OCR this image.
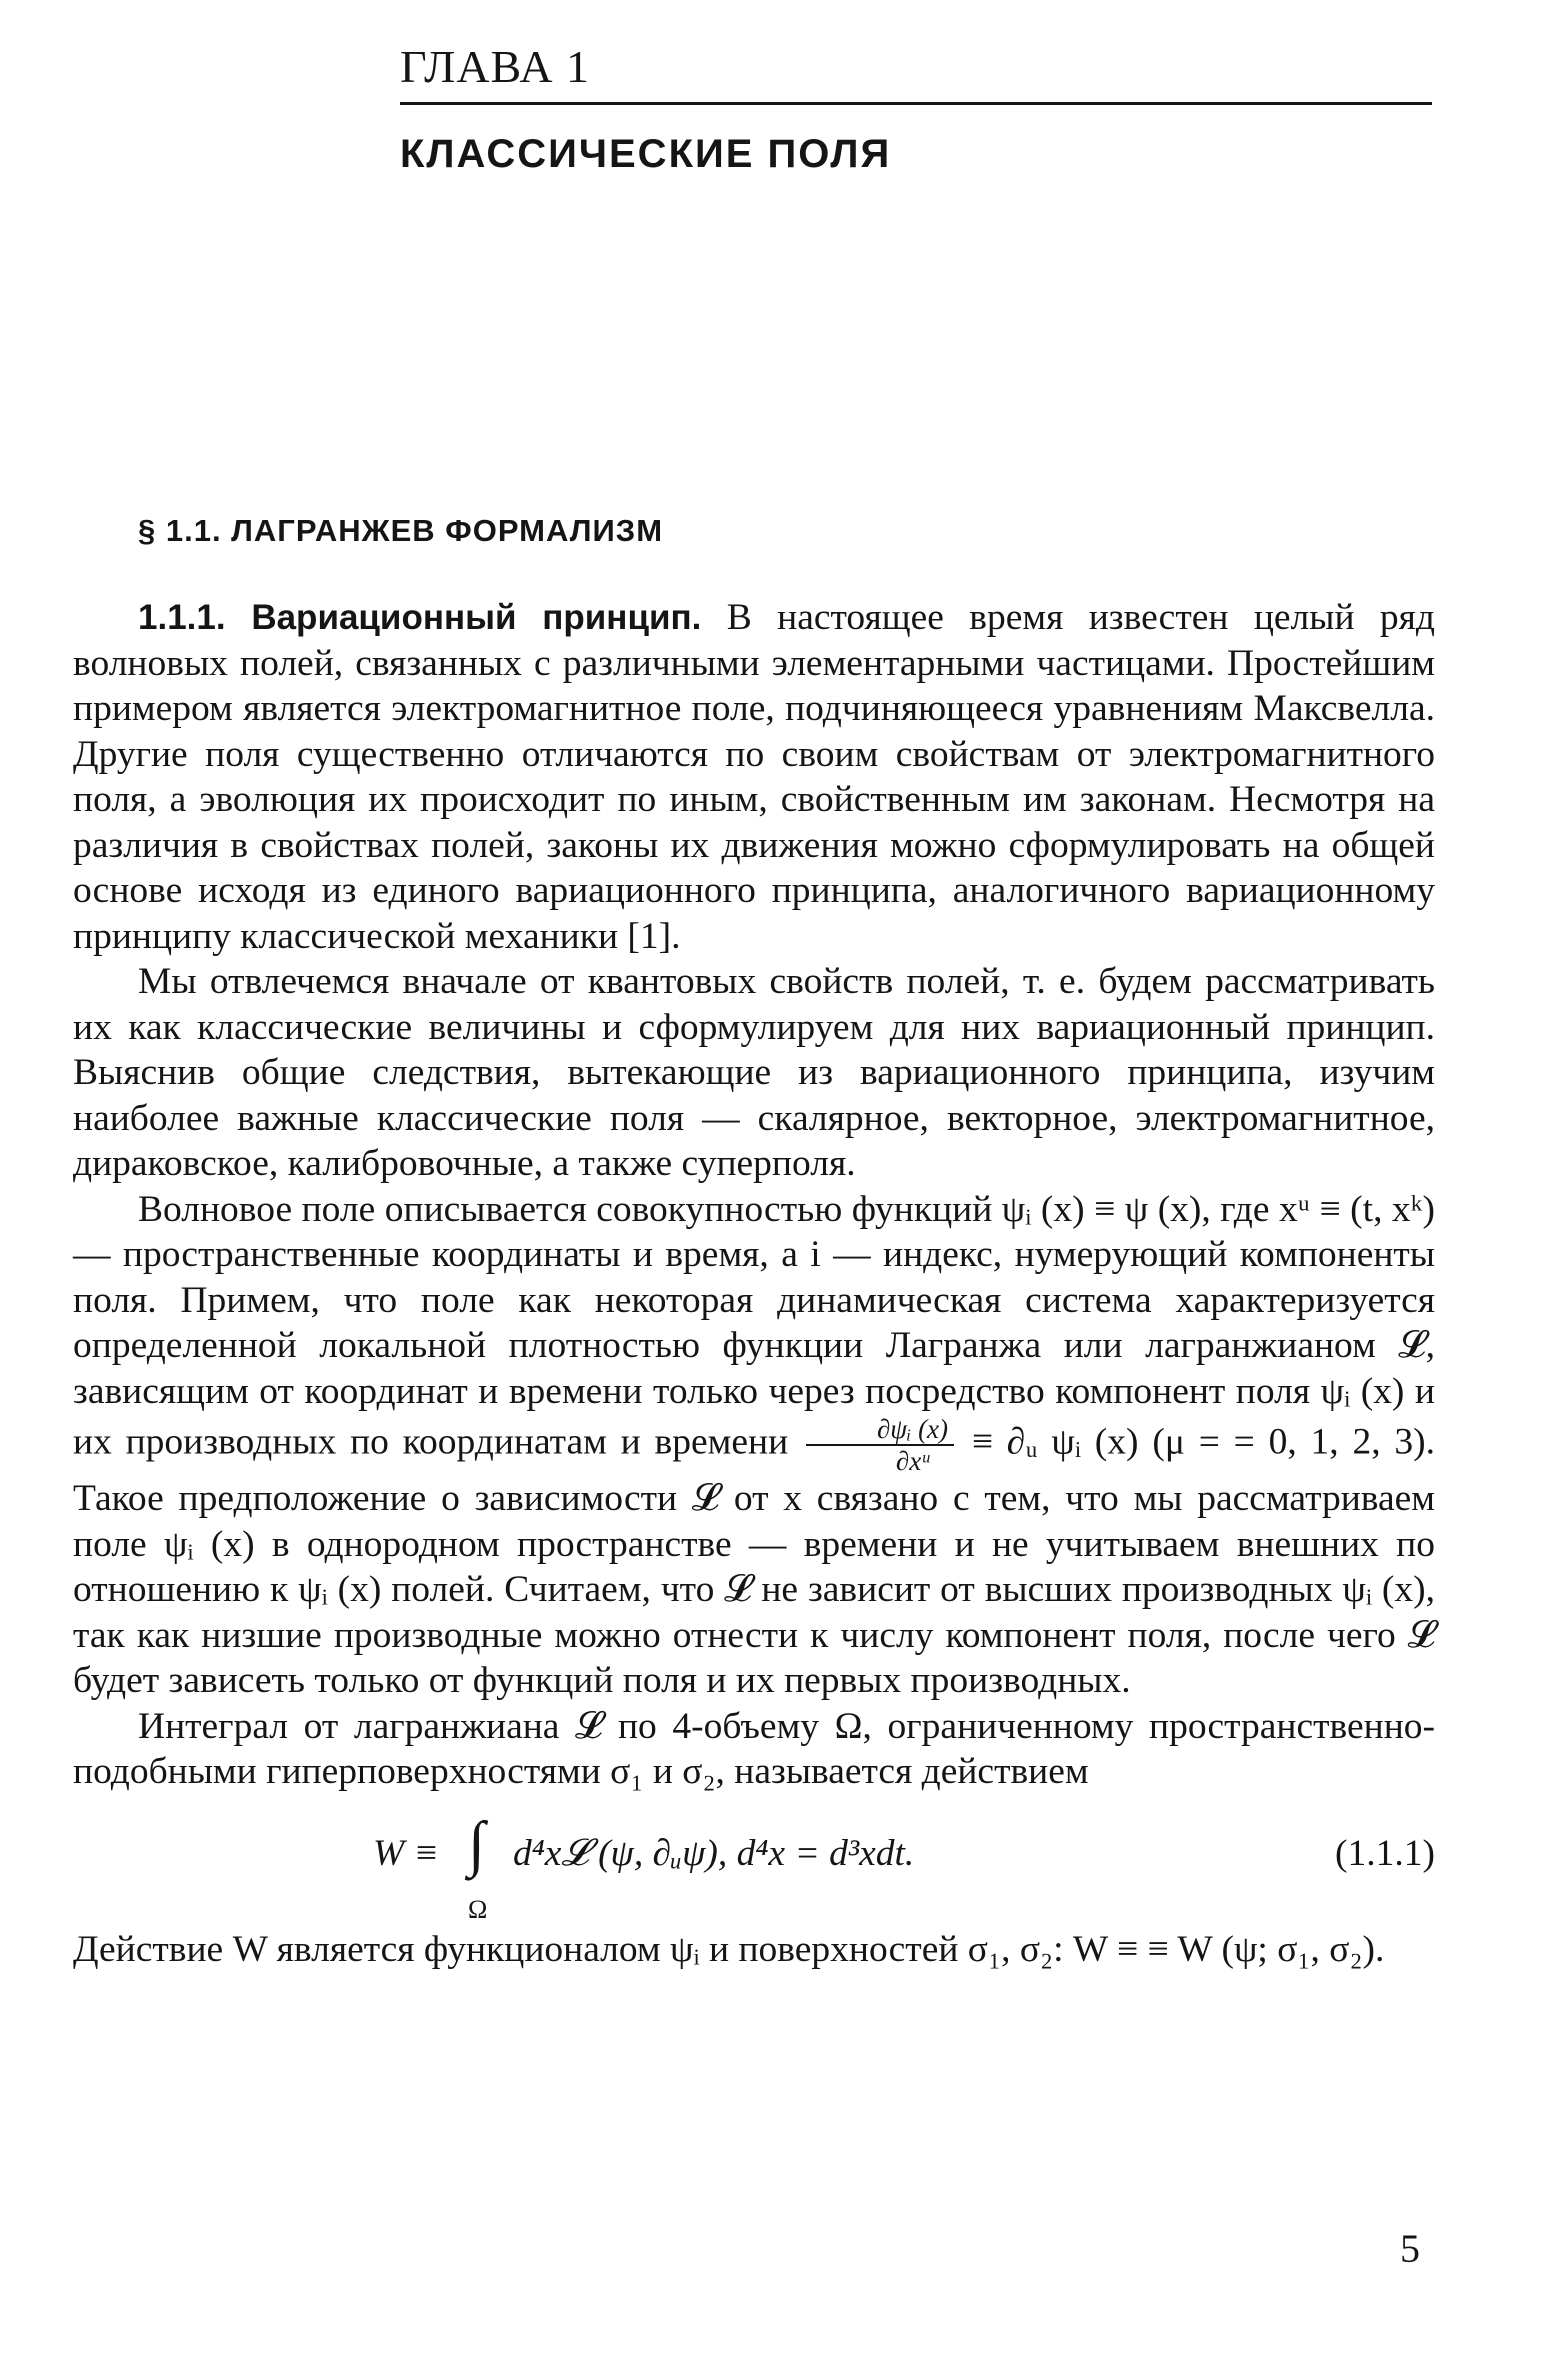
ГЛАВА 1
КЛАССИЧЕСКИЕ ПОЛЯ
§ 1.1. ЛАГРАНЖЕВ ФОРМАЛИЗМ

1.1.1. Вариационный принцип. В настоящее время известен целый ряд волновых полей, связанных с различными элементарными частицами. Простейшим примером является электромагнитное поле, подчиняющееся уравнениям Максвелла. Другие поля существенно отличаются по своим свойствам от электромагнитного поля, а эволюция их происходит по иным, свойственным им законам. Несмотря на различия в свойствах полей, законы их движения можно сформулировать на общей основе исходя из единого вариационного принципа, аналогичного вариационному принципу классической механики [1].

Мы отвлечемся вначале от квантовых свойств полей, т. е. будем рассматривать их как классические величины и сформулируем для них вариационный принцип. Выяснив общие следствия, вытекающие из вариационного принципа, изучим наиболее важные классические поля — скалярное, векторное, электромагнитное, дираковское, калибровочные, а также суперполя.

Волновое поле описывается совокупностью функций ψᵢ (x) ≡ ψ (x), где xᵘ ≡ (t, xᵏ) — пространственные координаты и время, а i — индекс, нумерующий компоненты поля. Примем, что поле как некоторая динамическая система характеризуется определенной локальной плотностью функции Лагранжа или лагранжианом 𝓛, зависящим от координат и времени только через посредство компонент поля ψᵢ (x) и их производных по координатам и времени $\frac{\text{∂ψᵢ (x)}}{\text{∂xᵘ}}$ ≡ ∂ᵤ ψᵢ (x) (μ = = 0, 1, 2, 3). Такое предположение о зависимости 𝓛 от x связано с тем, что мы рассматриваем поле ψᵢ (x) в однородном пространстве — времени и не учитываем внешних по отношению к ψᵢ (x) полей. Считаем, что 𝓛 не зависит от высших производных ψᵢ (x), так как низшие производные можно отнести к числу компонент поля, после чего 𝓛 будет зависеть только от функций поля и их первых производных.

Интеграл от лагранжиана 𝓛 по 4-объему Ω, ограниченному пространственно-подобными гиперповерхностями σ₁ и σ₂, называется действием

W ≡ ∫
Ω
d⁴x𝓛 (ψ, ∂ᵤψ), d⁴x = d³xdt.	(1.1.1)

Действие W является функционалом ψᵢ и поверхностей σ₁, σ₂: W ≡ ≡ W (ψ; σ₁, σ₂).

5
